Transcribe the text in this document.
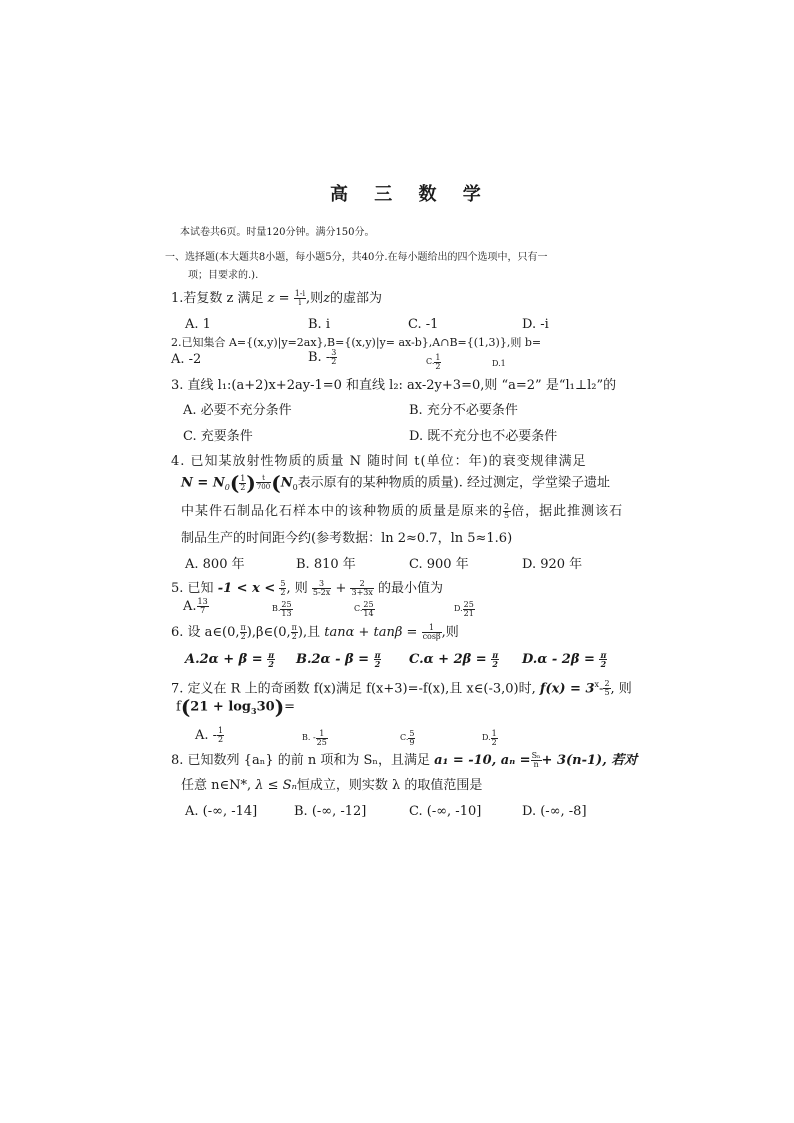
高 三 数 学
本试卷共6页。时量120分钟。满分150分。
一、选择题(本大题共8小题，每小题5分，共40分.在每小题给出的四个选项中，只有一
项；目要求的.).
1.若复数 z 满足 $z = \frac{1-i}{i}$ ,则z的虚部为
A. 1	B. i	C. -1	D. -i
2.已知集合 A={(x,y)|y=2ax},B={(x,y)|y= ax-b},A∩B={(1,3)},则 b=
A. -2	B. - $\frac{3}{2}$	C. $\frac{1}{2}$	D.1
3. 直线 l₁:(a+2)x+2ay-1=0 和直线 l₂: ax-2y+3=0,则 “a=2” 是“l₁⊥l₂”的
A. 必要不充分条件	B. 充分不必要条件
C. 充要条件	D. 既不充分也不必要条件
4. 已知某放射性物质的质量 N 随时间 t(单位：年)的衰变规律满足
$N = N_0( \frac{1}{2}$ ) $\frac{t}{700} (N_0$表示原有的某种物质的质量). 经过测定，学堂梁子遗址
中某件石制品化石样本中的该种物质的质量是原来的 $\frac{2}{5}$ 倍，据此推测该石
制品生产的时间距今约(参考数据：ln 2≈0.7，ln 5≈1.6)
A. 800 年	B. 810 年	C. 900 年	D. 920 年
5. 已知 $-1 < x < \frac{5}{2}$ , 则 $\frac{3}{5-2x} + \frac{2}{3+3x}$ 的最小值为
A. $\frac{13}{7}$	B. $\frac{25}{13}$	C. $\frac{25}{14}$	D. $\frac{25}{21}$
6. 设 a∈(0, $\frac{\pi}{2}$ ),β∈(0, $\frac{\pi}{2}$ ),且 $\tan\alpha + \tan\beta = \frac{1}{\cos\beta}$ ,则
$A.2\alpha + \beta = \frac{\pi}{2} B.2\alpha - \beta = \frac{\pi}{2} C.\alpha + 2\beta = \frac{\pi}{2} D.\alpha - 2\beta = \frac{\pi}{2}$
7. 定义在 R 上的奇函数 f(x)满足 f(x+3)=-f(x),且 x∈(-3,0)时, $f(x) = 3^x- \frac{2}{5}$ , 则
$f(21 + \log_330)=$
A. - $\frac{1}{2}$	B. - $\frac{1}{25}$	C. $\frac{5}{9}$	D. $\frac{1}{2}$
8. 已知数列 {aₙ} 的前 n 项和为 Sₙ，且满足 a₁ = -10, $a_n = \frac{\text{Sₙ}}{n} + 3(n-1)$, 若对
任意 n∈N*, λ ≤ Sₙ恒成立，则实数 λ 的取值范围是
A. (-∞, -14]	B. (-∞, -12]	C. (-∞, -10]	D. (-∞, -8]
